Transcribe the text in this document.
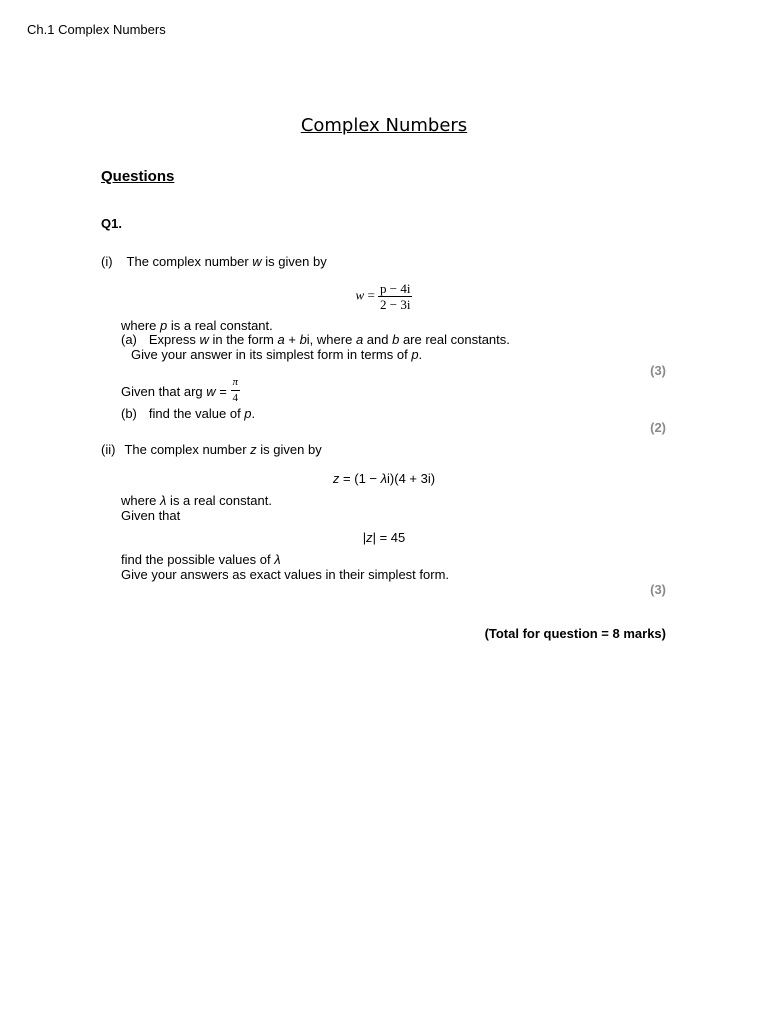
Ch.1 Complex Numbers
Complex Numbers
Questions
Q1.
(i) The complex number w is given by
$w = \frac{p - 4i}{2 - 3i}$
where p is a real constant.
(a) Express w in the form a + bi, where a and b are real constants.
Give your answer in its simplest form in terms of p.
(3)
Given that arg $w = \frac{\pi}{4}$
(b) find the value of p.
(2)
(ii) The complex number z is given by
z = (1 − λi)(4 + 3i)
where λ is a real constant.
Given that
|z| = 45
find the possible values of λ
Give your answers as exact values in their simplest form.
(3)
(Total for question = 8 marks)
